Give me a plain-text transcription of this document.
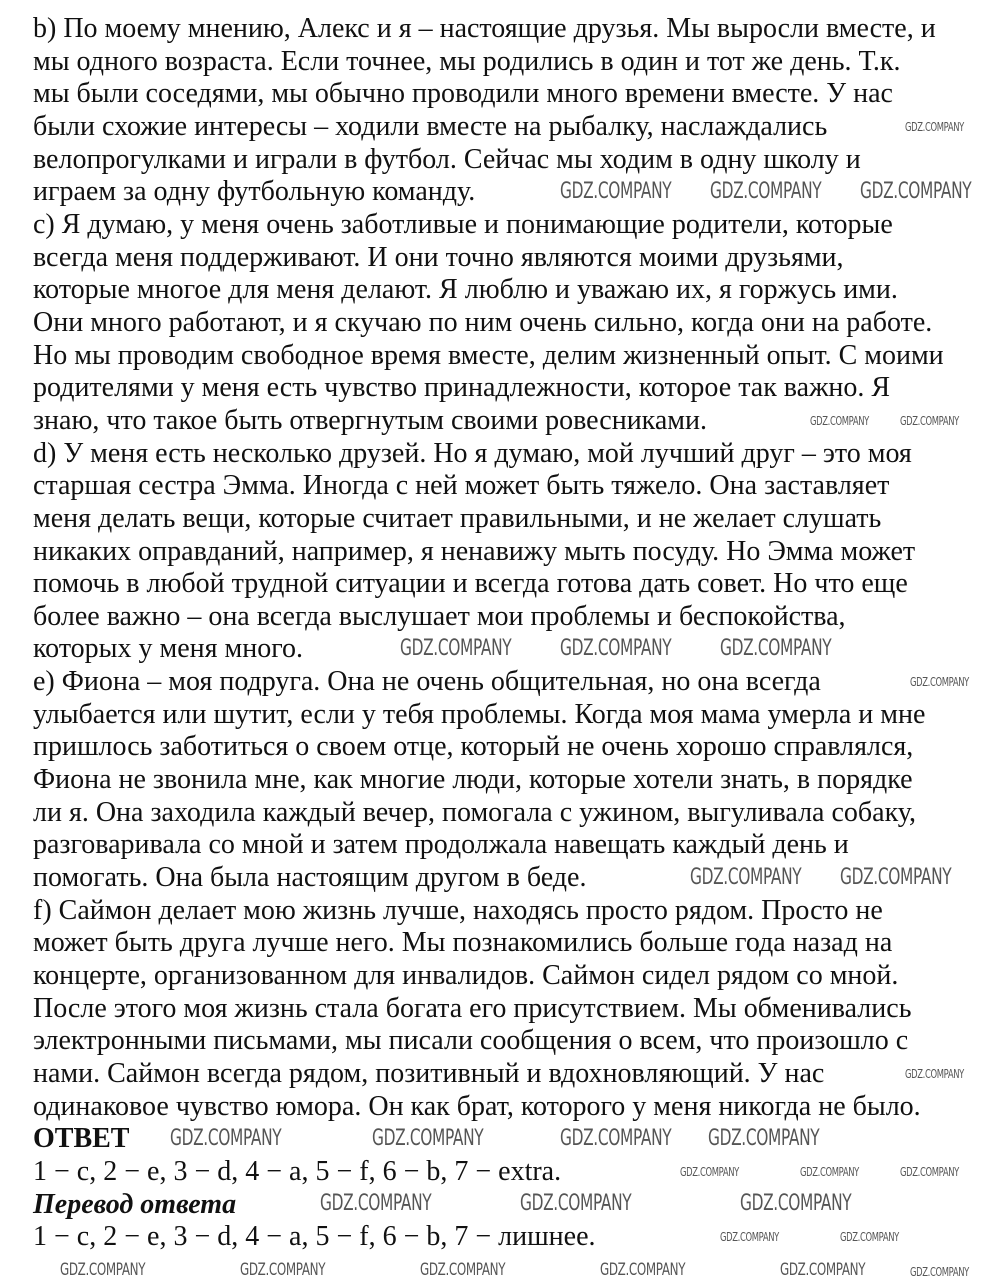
b) По моему мнению, Алекс и я – настоящие друзья. Мы выросли вместе, и
мы одного возраста. Если точнее, мы родились в один и тот же день. Т.к.
мы были соседями, мы обычно проводили много времени вместе. У нас
были схожие интересы – ходили вместе на рыбалку, наслаждались
велопрогулками и играли в футбол. Сейчас мы ходим в одну школу и
играем за одну футбольную команду.
c) Я думаю, у меня очень заботливые и понимающие родители, которые
всегда меня поддерживают. И они точно являются моими друзьями,
которые многое для меня делают. Я люблю и уважаю их, я горжусь ими.
Они много работают, и я скучаю по ним очень сильно, когда они на работе.
Но мы проводим свободное время вместе, делим жизненный опыт. С моими
родителями у меня есть чувство принадлежности, которое так важно. Я
знаю, что такое быть отвергнутым своими ровесниками.
d) У меня есть несколько друзей. Но я думаю, мой лучший друг – это моя
старшая сестра Эмма. Иногда с ней может быть тяжело. Она заставляет
меня делать вещи, которые считает правильными, и не желает слушать
никаких оправданий, например, я ненавижу мыть посуду. Но Эмма может
помочь в любой трудной ситуации и всегда готова дать совет. Но что еще
более важно – она всегда выслушает мои проблемы и беспокойства,
которых у меня много.
e) Фиона – моя подруга. Она не очень общительная, но она всегда
улыбается или шутит, если у тебя проблемы. Когда моя мама умерла и мне
пришлось заботиться о своем отце, который не очень хорошо справлялся,
Фиона не звонила мне, как многие люди, которые хотели знать, в порядке
ли я. Она заходила каждый вечер, помогала с ужином, выгуливала собаку,
разговаривала со мной и затем продолжала навещать каждый день и
помогать. Она была настоящим другом в беде.
f) Саймон делает мою жизнь лучше, находясь просто рядом. Просто не
может быть друга лучше него. Мы познакомились больше года назад на
концерте, организованном для инвалидов. Саймон сидел рядом со мной.
После этого моя жизнь стала богата его присутствием. Мы обменивались
электронными письмами, мы писали сообщения о всем, что произошло с
нами. Саймон всегда рядом, позитивный и вдохновляющий. У нас
одинаковое чувство юмора. Он как брат, которого у меня никогда не было.
ОТВЕТ
1 − c, 2 − e, 3 − d, 4 − a, 5 − f, 6 − b, 7 − extra.
Перевод ответа
1 − c, 2 − e, 3 − d, 4 − a, 5 − f, 6 − b, 7 − лишнее.
GDZ.COMPANY
GDZ.COMPANY GDZ.COMPANY GDZ.COMPANY
GDZ.COMPANY	GDZ.COMPANY
GDZ.COMPANY GDZ.COMPANY GDZ.COMPANY
GDZ.COMPANY
GDZ.COMPANY GDZ.COMPANY
GDZ.COMPANY
GDZ.COMPANY	GDZ.COMPANY	GDZ.COMPANY GDZ.COMPANY
GDZ.COMPANY	GDZ.COMPANY	GDZ.COMPANY
GDZ.COMPANY	GDZ.COMPANY	GDZ.COMPANY
GDZ.COMPANY	GDZ.COMPANY
GDZ.COMPANY	GDZ.COMPANY	GDZ.COMPANY	GDZ.COMPANY	GDZ.COMPANY	GDZ.COMPANY
